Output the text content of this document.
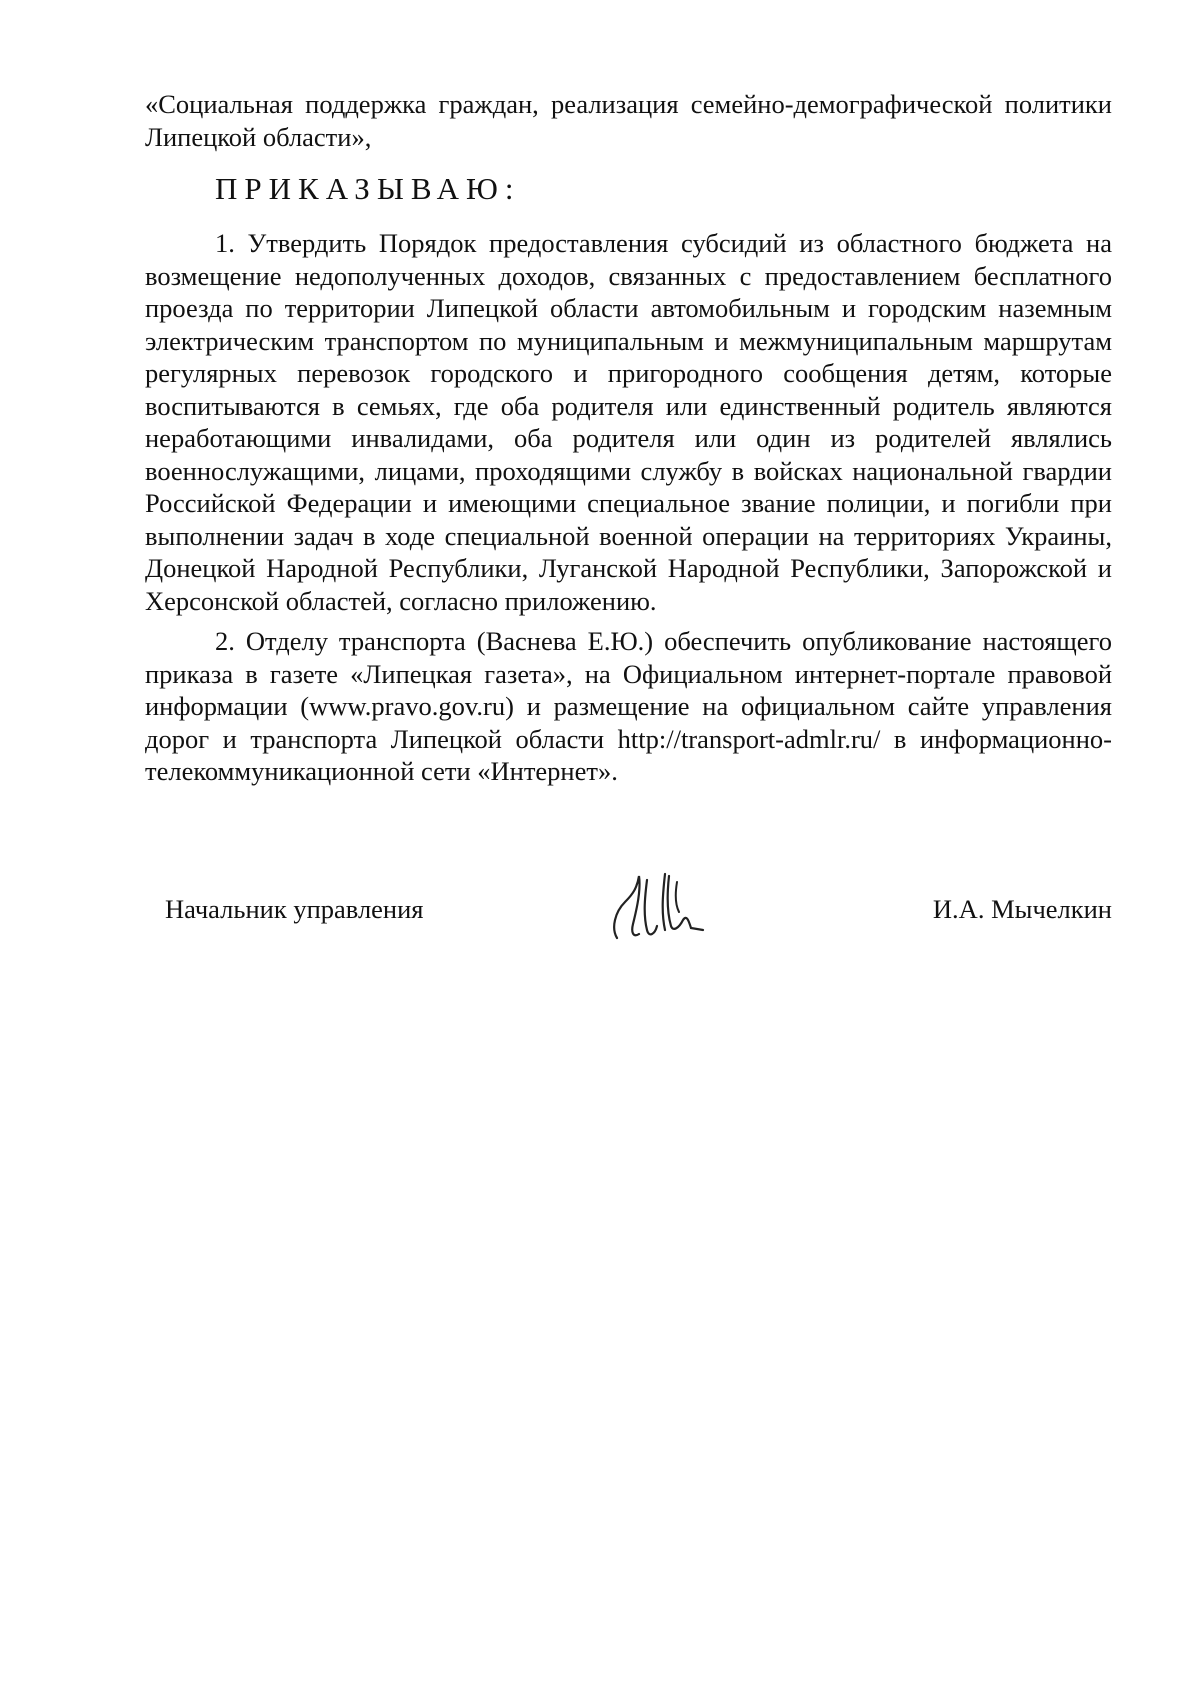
«Социальная поддержка граждан, реализация семейно-демографической политики Липецкой области»,

ПРИКАЗЫВАЮ:

1. Утвердить Порядок предоставления субсидий из областного бюджета на возмещение недополученных доходов, связанных с предоставлением бесплатного проезда по территории Липецкой области автомобильным и городским наземным электрическим транспортом по муниципальным и межмуниципальным маршрутам регулярных перевозок городского и пригородного сообщения детям, которые воспитываются в семьях, где оба родителя или единственный родитель являются неработающими инвалидами, оба родителя или один из родителей являлись военнослужащими, лицами, проходящими службу в войсках национальной гвардии Российской Федерации и имеющими специальное звание полиции, и погибли при выполнении задач в ходе специальной военной операции на территориях Украины, Донецкой Народной Республики, Луганской Народной Республики, Запорожской и Херсонской областей, согласно приложению.

2. Отделу транспорта (Васнева Е.Ю.) обеспечить опубликование настоящего приказа в газете «Липецкая газета», на Официальном интернет-портале правовой информации (www.pravo.gov.ru) и размещение на официальном сайте управления дорог и транспорта Липецкой области http://transport-admlr.ru/ в информационно-телекоммуникационной сети «Интернет».

Начальник управления	И.А. Мычелкин
